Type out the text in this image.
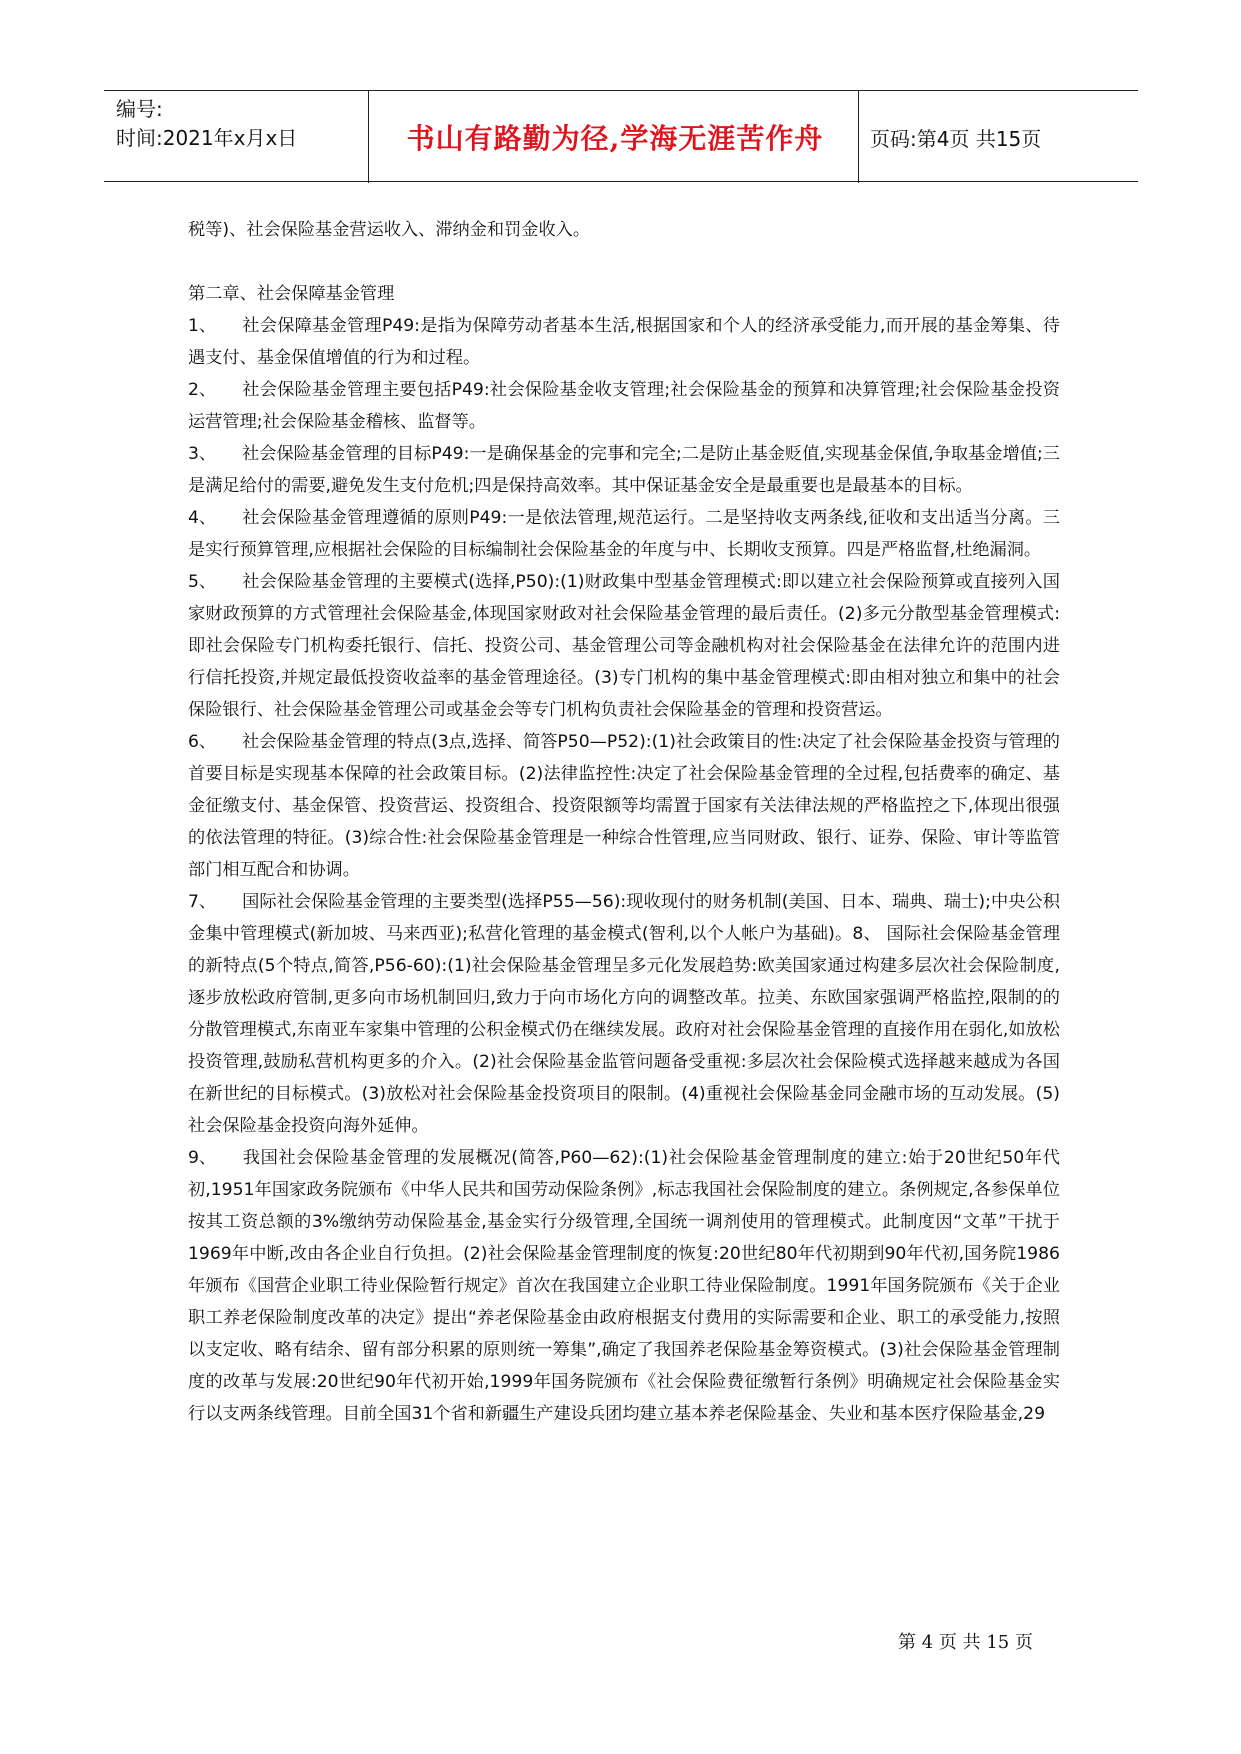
编号:
时间:2021年x月x日	书山有路勤为径,学海无涯苦作舟	页码:第4页 共15页

税等)、社会保险基金营运收入、滞纳金和罚金收入。

第二章、社会保障基金管理

1、 社会保障基金管理P49:是指为保障劳动者基本生活,根据国家和个人的经济承受能力,而开展的基金筹集、待遇支付、基金保值增值的行为和过程。

2、 社会保险基金管理主要包括P49:社会保险基金收支管理;社会保险基金的预算和决算管理;社会保险基金投资运营管理;社会保险基金稽核、监督等。

3、 社会保险基金管理的目标P49:一是确保基金的完事和完全;二是防止基金贬值,实现基金保值,争取基金增值;三是满足给付的需要,避免发生支付危机;四是保持高效率。其中保证基金安全是最重要也是最基本的目标。

4、 社会保险基金管理遵循的原则P49:一是依法管理,规范运行。二是坚持收支两条线,征收和支出适当分离。三是实行预算管理,应根据社会保险的目标编制社会保险基金的年度与中、长期收支预算。四是严格监督,杜绝漏洞。

5、 社会保险基金管理的主要模式(选择,P50):(1)财政集中型基金管理模式:即以建立社会保险预算或直接列入国家财政预算的方式管理社会保险基金,体现国家财政对社会保险基金管理的最后责任。(2)多元分散型基金管理模式:即社会保险专门机构委托银行、信托、投资公司、基金管理公司等金融机构对社会保险基金在法律允许的范围内进行信托投资,并规定最低投资收益率的基金管理途径。(3)专门机构的集中基金管理模式:即由相对独立和集中的社会保险银行、社会保险基金管理公司或基金会等专门机构负责社会保险基金的管理和投资营运。

6、 社会保险基金管理的特点(3点,选择、简答P50—P52):(1)社会政策目的性:决定了社会保险基金投资与管理的首要目标是实现基本保障的社会政策目标。(2)法律监控性:决定了社会保险基金管理的全过程,包括费率的确定、基金征缴支付、基金保管、投资营运、投资组合、投资限额等均需置于国家有关法律法规的严格监控之下,体现出很强的依法管理的特征。(3)综合性:社会保险基金管理是一种综合性管理,应当同财政、银行、证券、保险、审计等监管部门相互配合和协调。

7、 国际社会保险基金管理的主要类型(选择P55—56):现收现付的财务机制(美国、日本、瑞典、瑞士);中央公积金集中管理模式(新加坡、马来西亚);私营化管理的基金模式(智利,以个人帐户为基础)。8、 国际社会保险基金管理的新特点(5个特点,简答,P56-60):(1)社会保险基金管理呈多元化发展趋势:欧美国家通过构建多层次社会保险制度,逐步放松政府管制,更多向市场机制回归,致力于向市场化方向的调整改革。拉美、东欧国家强调严格监控,限制的的分散管理模式,东南亚车家集中管理的公积金模式仍在继续发展。政府对社会保险基金管理的直接作用在弱化,如放松投资管理,鼓励私营机构更多的介入。(2)社会保险基金监管问题备受重视:多层次社会保险模式选择越来越成为各国在新世纪的目标模式。(3)放松对社会保险基金投资项目的限制。(4)重视社会保险基金同金融市场的互动发展。(5)社会保险基金投资向海外延伸。

9、 我国社会保险基金管理的发展概况(简答,P60—62):(1)社会保险基金管理制度的建立:始于20世纪50年代初,1951年国家政务院颁布《中华人民共和国劳动保险条例》,标志我国社会保险制度的建立。条例规定,各参保单位按其工资总额的3%缴纳劳动保险基金,基金实行分级管理,全国统一调剂使用的管理模式。此制度因“文革”干扰于1969年中断,改由各企业自行负担。(2)社会保险基金管理制度的恢复:20世纪80年代初期到90年代初,国务院1986年颁布《国营企业职工待业保险暂行规定》首次在我国建立企业职工待业保险制度。1991年国务院颁布《关于企业职工养老保险制度改革的决定》提出“养老保险基金由政府根据支付费用的实际需要和企业、职工的承受能力,按照以支定收、略有结余、留有部分积累的原则统一筹集”,确定了我国养老保险基金筹资模式。(3)社会保险基金管理制度的改革与发展:20世纪90年代初开始,1999年国务院颁布《社会保险费征缴暂行条例》明确规定社会保险基金实行以支两条线管理。目前全国31个省和新疆生产建设兵团均建立基本养老保险基金、失业和基本医疗保险基金,29

第 4 页 共 15 页
